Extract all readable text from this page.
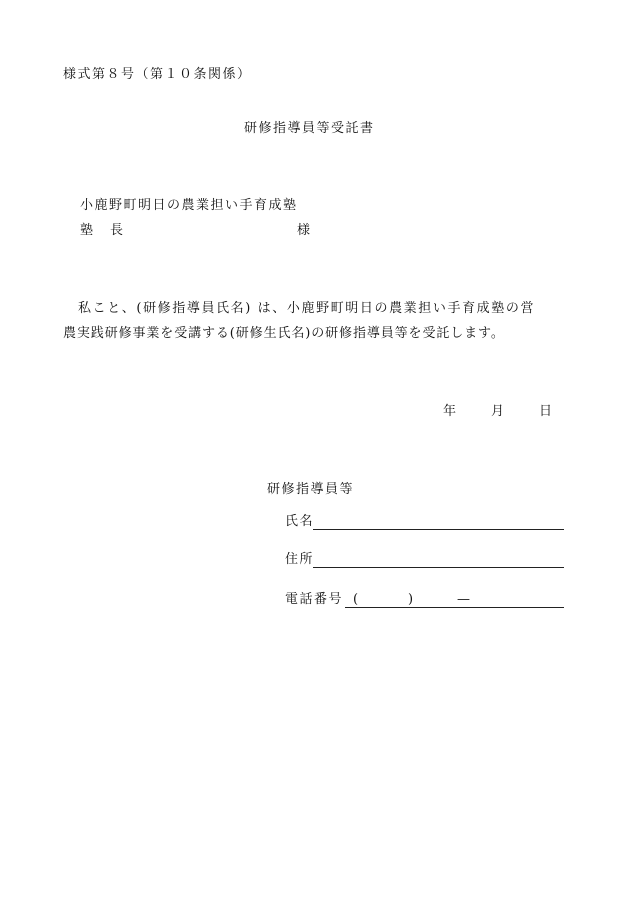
様式第８号（第１０条関係）
研修指導員等受託書
小鹿野町明日の農業担い手育成塾
塾 長	様
私こと、(研修指導員氏名) は、小鹿野町明日の農業担い手育成塾の営
農実践研修事業を受講する(研修生氏名)の研修指導員等を受託します。
年	月	日
研修指導員等
氏名
住所
電話番号 (	)	—
